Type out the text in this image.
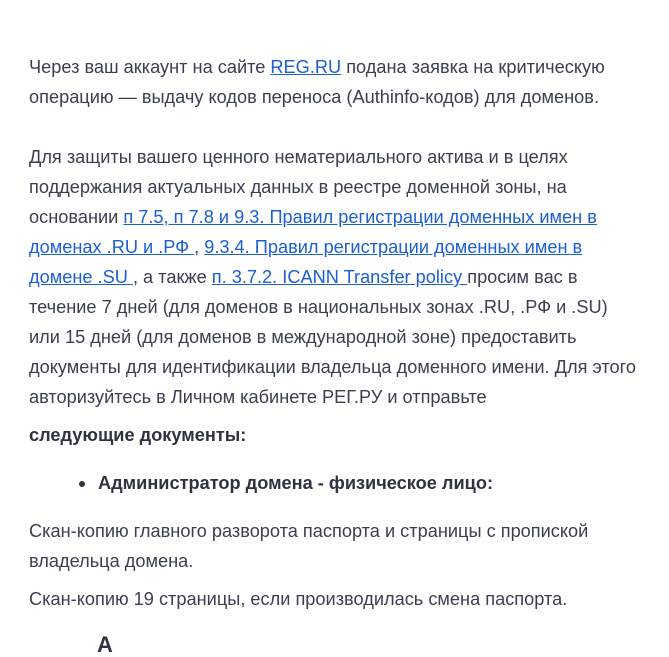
Через ваш аккаунт на сайте REG.RU подана заявка на критическую операцию — выдачу кодов переноса (Authinfo-кодов) для доменов.

Для защиты вашего ценного нематериального актива и в целях поддержания актуальных данных в реестре доменной зоны, на основании п 7.5, п 7.8 и 9.3. Правил регистрации доменных имен в доменах .RU и .РФ , 9.3.4. Правил регистрации доменных имен в домене .SU , а также п. 3.7.2. ICANN Transfer policy просим вас в течение 7 дней (для доменов в национальных зонах .RU, .РФ и .SU) или 15 дней (для доменов в международной зоне) предоставить документы для идентификации владельца доменного имени. Для этого авторизуйтесь в Личном кабинете РЕГ.РУ и отправьте

следующие документы:

Администратор домена - физическое лицо:

Скан-копию главного разворота паспорта и страницы с пропиской владельца домена.

Скан-копию 19 страницы, если производилась смена паспорта.

А
